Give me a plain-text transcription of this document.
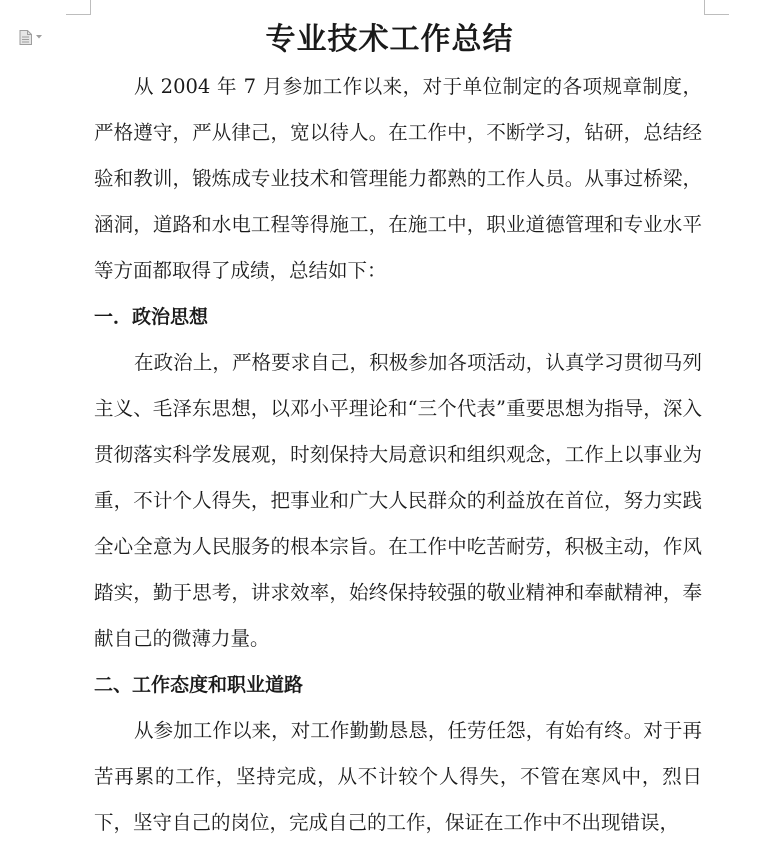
专业技术工作总结

从 2004 年 7 月参加工作以来，对于单位制定的各项规章制度，严格遵守，严从律己，宽以待人。在工作中，不断学习，钻研，总结经验和教训，锻炼成专业技术和管理能力都熟的工作人员。从事过桥梁，涵洞，道路和水电工程等得施工，在施工中，职业道德管理和专业水平等方面都取得了成绩，总结如下：

一．政治思想

在政治上，严格要求自己，积极参加各项活动，认真学习贯彻马列主义、毛泽东思想，以邓小平理论和“三个代表”重要思想为指导，深入贯彻落实科学发展观，时刻保持大局意识和组织观念，工作上以事业为重，不计个人得失，把事业和广大人民群众的利益放在首位，努力实践全心全意为人民服务的根本宗旨。在工作中吃苦耐劳，积极主动，作风踏实，勤于思考，讲求效率，始终保持较强的敬业精神和奉献精神，奉献自己的微薄力量。

二、工作态度和职业道路

从参加工作以来，对工作勤勤恳恳，任劳任怨，有始有终。对于再苦再累的工作，坚持完成，从不计较个人得失，不管在寒风中，烈日下，坚守自己的岗位，完成自己的工作，保证在工作中不出现错误，
